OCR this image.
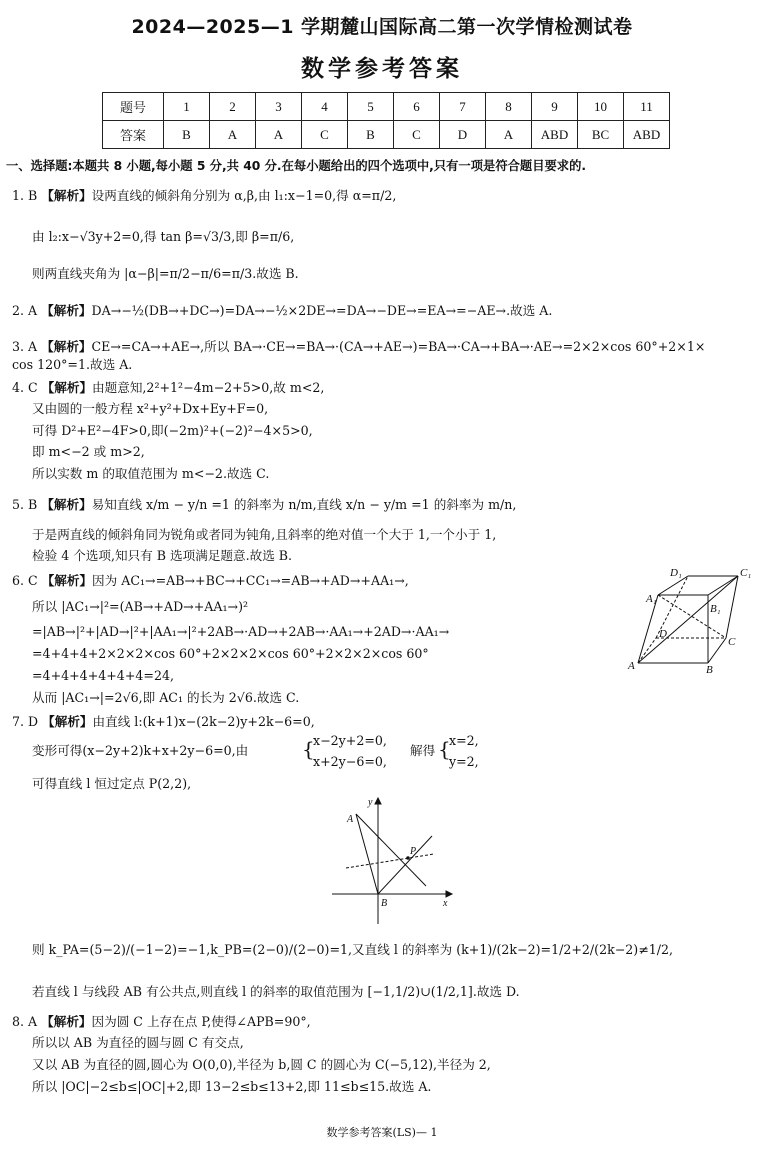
2024—2025—1 学期麓山国际高二第一次学情检测试卷
数学参考答案
题号	1	2	3	4	5	6	7	8	9	10	11
答案	B	A	A	C	B	C	D	A	ABD	BC	ABD
一、选择题:本题共 8 小题,每小题 5 分,共 40 分.在每小题给出的四个选项中,只有一项是符合题目要求的.
1. B 【解析】设两直线的倾斜角分别为 α,β,由 l₁:x−1=0,得 α=π/2,
由 l₂:x−√3y+2=0,得 tan β=√3/3,即 β=π/6,
则两直线夹角为 |α−β|=π/2−π/6=π/3.故选 B.
2. A 【解析】DA→−½(DB→+DC→)=DA→−½×2DE→=DA→−DE→=EA→=−AE→.故选 A.
3. A 【解析】CE→=CA→+AE→,所以 BA→·CE→=BA→·(CA→+AE→)=BA→·CA→+BA→·AE→=2×2×cos 60°+2×1×
cos 120°=1.故选 A.
4. C 【解析】由题意知,2²+1²−4m−2+5>0,故 m<2,
又由圆的一般方程 x²+y²+Dx+Ey+F=0,
可得 D²+E²−4F>0,即(−2m)²+(−2)²−4×5>0,
即 m<−2 或 m>2,
所以实数 m 的取值范围为 m<−2.故选 C.
5. B 【解析】易知直线 x/m − y/n =1 的斜率为 n/m,直线 x/n − y/m =1 的斜率为 m/n,
于是两直线的倾斜角同为锐角或者同为钝角,且斜率的绝对值一个大于 1,一个小于 1,
检验 4 个选项,知只有 B 选项满足题意.故选 B.
6. C 【解析】因为 AC₁→=AB→+BC→+CC₁→=AB→+AD→+AA₁→,
所以 |AC₁→|²=(AB→+AD→+AA₁→)²
=|AB→|²+|AD→|²+|AA₁→|²+2AB→·AD→+2AB→·AA₁→+2AD→·AA₁→
=4+4+4+2×2×2×cos 60°+2×2×2×cos 60°+2×2×2×cos 60°
=4+4+4+4+4+4=24,
从而 |AC₁→|=2√6,即 AC₁ 的长为 2√6.故选 C.
D₁	C₁
A₁
B₁
D
C
A	B
7. D 【解析】由直线 l:(k+1)x−(2k−2)y+2k−6=0,
变形可得(x−2y+2)k+x+2y−6=0,由	{
x−2y+2=0,
x+2y−6=0,
解得 {
x=2,
y=2,
可得直线 l 恒过定点 P(2,2),
y
A
P
B	x
则 k_PA=(5−2)/(−1−2)=−1,k_PB=(2−0)/(2−0)=1,又直线 l 的斜率为 (k+1)/(2k−2)=1/2+2/(2k−2)≠1/2,
若直线 l 与线段 AB 有公共点,则直线 l 的斜率的取值范围为 [−1,1/2)∪(1/2,1].故选 D.
8. A 【解析】因为圆 C 上存在点 P,使得∠APB=90°,
所以以 AB 为直径的圆与圆 C 有交点,
又以 AB 为直径的圆,圆心为 O(0,0),半径为 b,圆 C 的圆心为 C(−5,12),半径为 2,
所以 |OC|−2≤b≤|OC|+2,即 13−2≤b≤13+2,即 11≤b≤15.故选 A.
数学参考答案(LS)— 1
